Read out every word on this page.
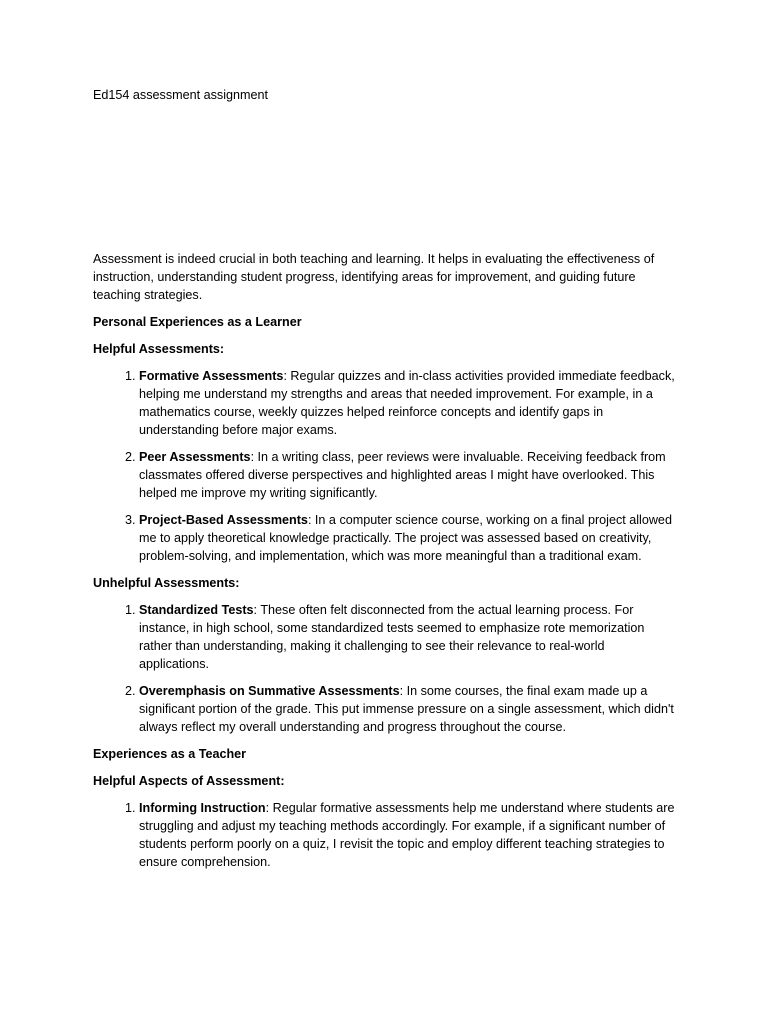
Ed154 assessment assignment

Assessment is indeed crucial in both teaching and learning. It helps in evaluating the effectiveness of instruction, understanding student progress, identifying areas for improvement, and guiding future teaching strategies.

Personal Experiences as a Learner

Helpful Assessments:

1. Formative Assessments: Regular quizzes and in-class activities provided immediate feedback, helping me understand my strengths and areas that needed improvement. For example, in a mathematics course, weekly quizzes helped reinforce concepts and identify gaps in understanding before major exams.
2. Peer Assessments: In a writing class, peer reviews were invaluable. Receiving feedback from classmates offered diverse perspectives and highlighted areas I might have overlooked. This helped me improve my writing significantly.
3. Project-Based Assessments: In a computer science course, working on a final project allowed me to apply theoretical knowledge practically. The project was assessed based on creativity, problem-solving, and implementation, which was more meaningful than a traditional exam.

Unhelpful Assessments:

1. Standardized Tests: These often felt disconnected from the actual learning process. For instance, in high school, some standardized tests seemed to emphasize rote memorization rather than understanding, making it challenging to see their relevance to real-world applications.
2. Overemphasis on Summative Assessments: In some courses, the final exam made up a significant portion of the grade. This put immense pressure on a single assessment, which didn't always reflect my overall understanding and progress throughout the course.

Experiences as a Teacher

Helpful Aspects of Assessment:

1. Informing Instruction: Regular formative assessments help me understand where students are struggling and adjust my teaching methods accordingly. For example, if a significant number of students perform poorly on a quiz, I revisit the topic and employ different teaching strategies to ensure comprehension.
